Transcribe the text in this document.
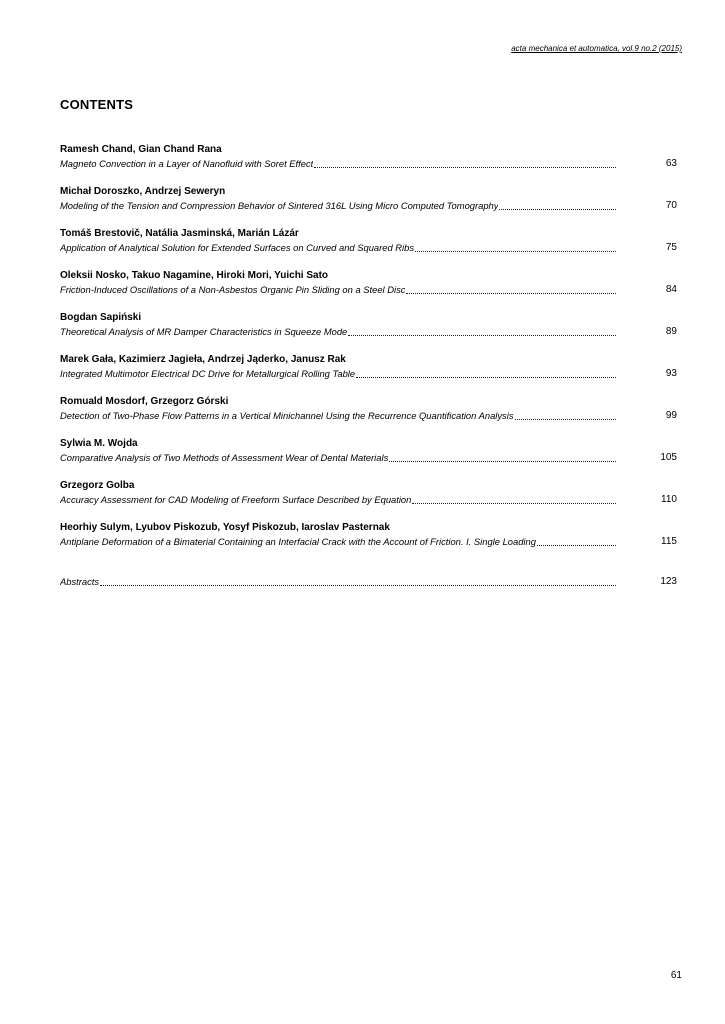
acta mechanica et automatica, vol.9 no.2 (2015)
CONTENTS
Ramesh Chand, Gian Chand Rana
Magneto Convection in a Layer of Nanofluid with Soret Effect	63
Michał Doroszko, Andrzej Seweryn
Modeling of the Tension and Compression Behavior of Sintered 316L Using Micro Computed Tomography	70
Tomáš Brestovič, Natália Jasminská, Marián Lázár
Application of Analytical Solution for Extended Surfaces on Curved and Squared Ribs	75
Oleksii Nosko, Takuo Nagamine, Hiroki Mori, Yuichi Sato
Friction-Induced Oscillations of a Non-Asbestos Organic Pin Sliding on a Steel Disc	84
Bogdan Sapiński
Theoretical Analysis of MR Damper Characteristics in Squeeze Mode	89
Marek Gała, Kazimierz Jagieła, Andrzej Jąderko, Janusz Rak
Integrated Multimotor Electrical DC Drive for Metallurgical Rolling Table	93
Romuald Mosdorf, Grzegorz Górski
Detection of Two-Phase Flow Patterns in a Vertical Minichannel Using the Recurrence Quantification Analysis	99
Sylwia M. Wojda
Comparative Analysis of Two Methods of Assessment Wear of Dental Materials	105
Grzegorz Golba
Accuracy Assessment for CAD Modeling of Freeform Surface Described by Equation	110
Heorhiy Sulym, Lyubov Piskozub, Yosyf Piskozub, Iaroslav Pasternak
Antiplane Deformation of a Bimaterial Containing an Interfacial Crack with the Account of Friction. I. Single Loading	115
Abstracts	123
61
